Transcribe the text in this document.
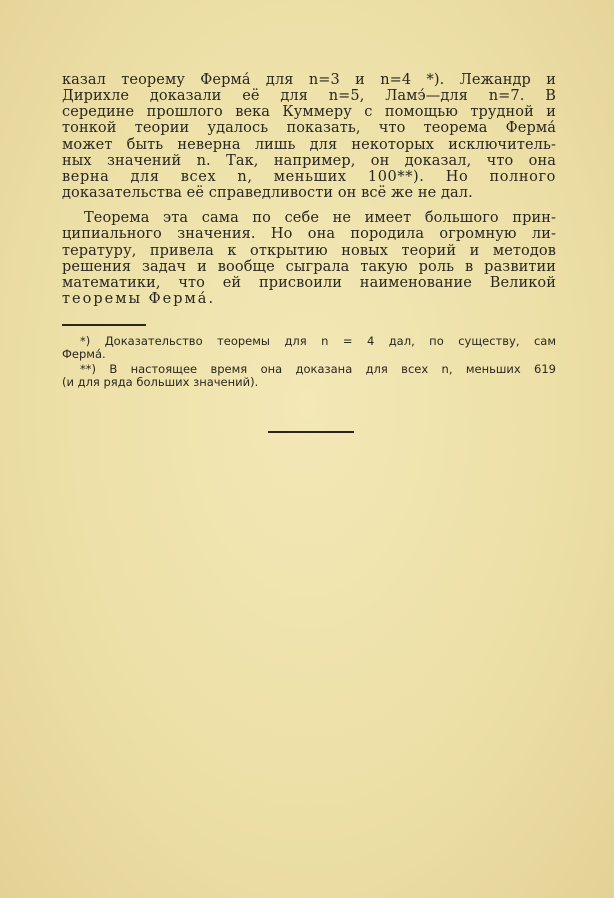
казал теорему Ферма́ для n=3 и n=4 *). Лежандр и
Дирихле доказали её для n=5, Ламэ́—для n=7. В
середине прошлого века Куммеру с помощью трудной и
тонкой теории удалось показать, что теорема Ферма́
может быть неверна лишь для некоторых исключитель-
ных значений n. Так, например, он доказал, что она
верна для всех n, меньших 100**). Но полного
доказательства её справедливости он всё же не дал.
Теорема эта сама по себе не имеет большого прин-
ципиального значения. Но она породила огромную ли-
тературу, привела к открытию новых теорий и методов
решения задач и вообще сыграла такую роль в развитии
математики, что ей присвоили наименование Великой
теоремы Ферма́.
*) Доказательство теоремы для n = 4 дал, по существу, сам
Ферма́.
**) В настоящее время она доказана для всех n, меньших 619
(и для ряда больших значений).
